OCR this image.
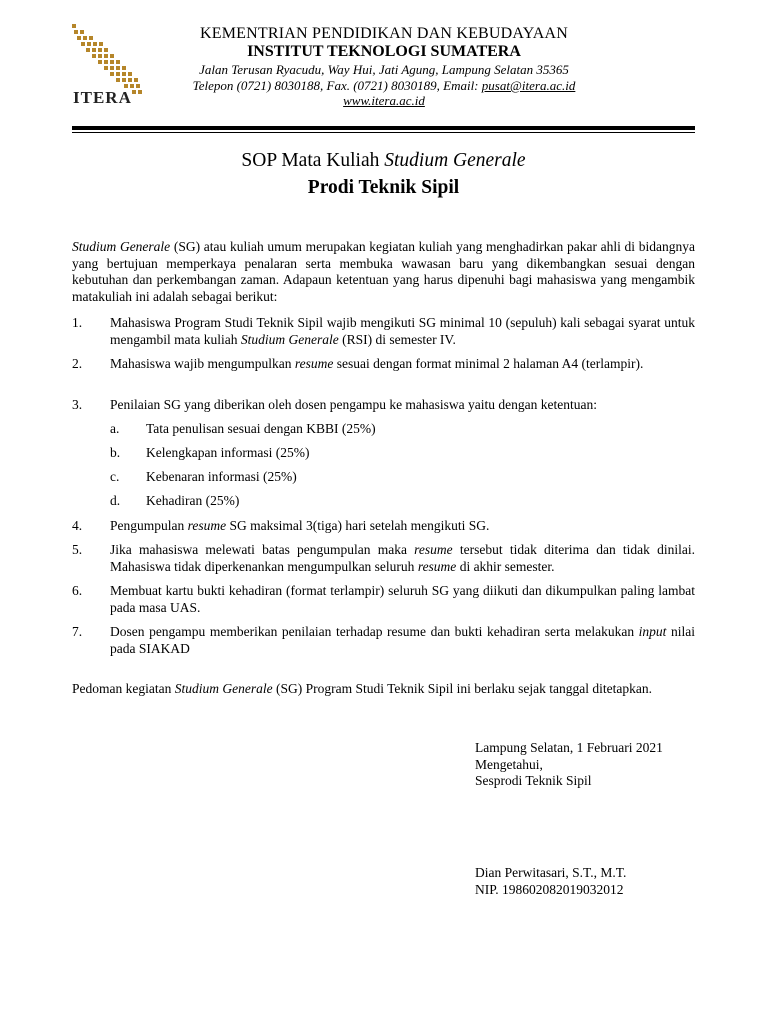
ITERA
KEMENTRIAN PENDIDIKAN DAN KEBUDAYAAN
INSTITUT TEKNOLOGI SUMATERA
Jalan Terusan Ryacudu, Way Hui, Jati Agung, Lampung Selatan 35365
Telepon (0721) 8030188, Fax. (0721) 8030189, Email: pusat@itera.ac.id
www.itera.ac.id
SOP Mata Kuliah Studium Generale
Prodi Teknik Sipil
Studium Generale (SG) atau kuliah umum merupakan kegiatan kuliah yang menghadirkan pakar ahli di bidangnya yang bertujuan memperkaya penalaran serta membuka wawasan baru yang dikembangkan sesuai dengan kebutuhan dan perkembangan zaman. Adapaun ketentuan yang harus dipenuhi bagi mahasiswa yang mengambik matakuliah ini adalah sebagai berikut:
1. Mahasiswa Program Studi Teknik Sipil wajib mengikuti SG minimal 10 (sepuluh) kali sebagai syarat untuk mengambil mata kuliah Studium Generale (RSI) di semester IV.
2. Mahasiswa wajib mengumpulkan resume sesuai dengan format minimal 2 halaman A4 (terlampir).
3. Penilaian SG yang diberikan oleh dosen pengampu ke mahasiswa yaitu dengan ketentuan:
a. Tata penulisan sesuai dengan KBBI (25%)
b. Kelengkapan informasi (25%)
c. Kebenaran informasi (25%)
d. Kehadiran (25%)
4. Pengumpulan resume SG maksimal 3(tiga) hari setelah mengikuti SG.
5. Jika mahasiswa melewati batas pengumpulan maka resume tersebut tidak diterima dan tidak dinilai. Mahasiswa tidak diperkenankan mengumpulkan seluruh resume di akhir semester.
6. Membuat kartu bukti kehadiran (format terlampir) seluruh SG yang diikuti dan dikumpulkan paling lambat pada masa UAS.
7. Dosen pengampu memberikan penilaian terhadap resume dan bukti kehadiran serta melakukan input nilai pada SIAKAD
Pedoman kegiatan Studium Generale (SG) Program Studi Teknik Sipil ini berlaku sejak tanggal ditetapkan.
Lampung Selatan, 1 Februari 2021
Mengetahui,
Sesprodi Teknik Sipil
Dian Perwitasari, S.T., M.T.
NIP. 198602082019032012
